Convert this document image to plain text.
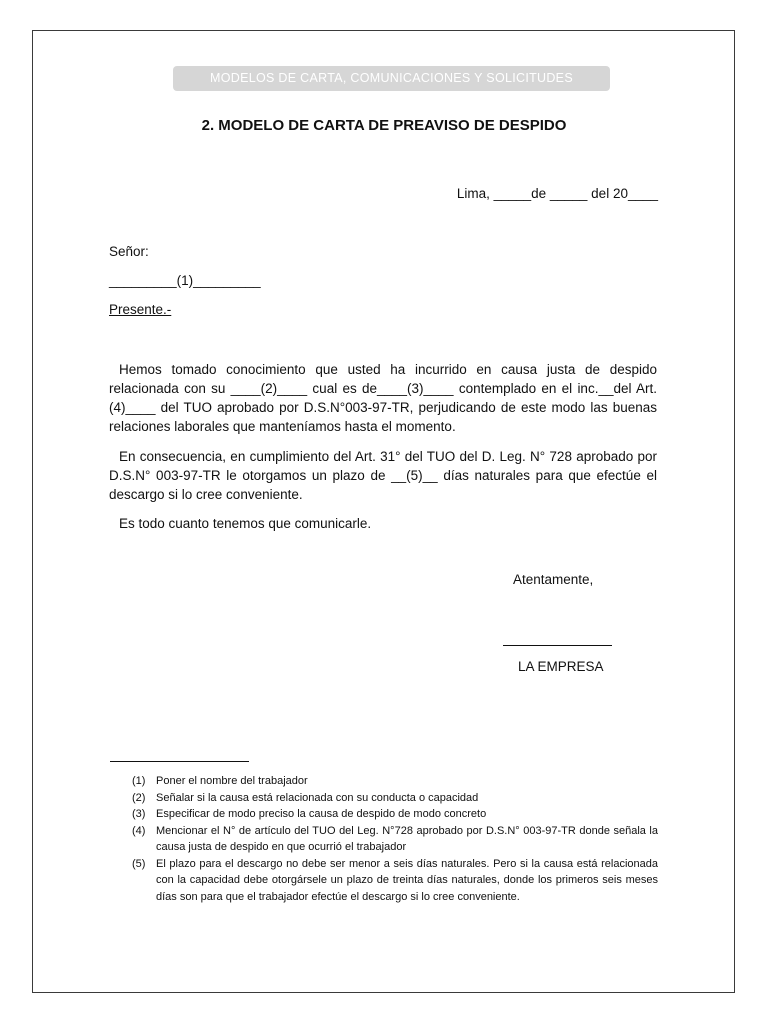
MODELOS DE CARTA, COMUNICACIONES Y SOLICITUDES
2. MODELO DE CARTA DE PREAVISO DE DESPIDO
Lima, _____de _____ del 20____
Señor:
_________(1)_________
Presente.-

Hemos tomado conocimiento que usted ha incurrido en causa justa de despido relacionada con su ____(2)____ cual es de____(3)____ contemplado en el inc.__del Art.(4)____ del TUO aprobado por D.S.N°003-97-TR, perjudicando de este modo las buenas relaciones laborales que manteníamos hasta el momento.

En consecuencia, en cumplimiento del Art. 31° del TUO del D. Leg. N° 728 aprobado por D.S.N° 003-97-TR le otorgamos un plazo de __(5)__ días naturales para que efectúe el descargo si lo cree conveniente.

Es todo cuanto tenemos que comunicarle.

Atentamente,
LA EMPRESA
(1) Poner el nombre del trabajador
(2) Señalar si la causa está relacionada con su conducta o capacidad
(3) Especificar de modo preciso la causa de despido de modo concreto
(4) Mencionar el N° de artículo del TUO del Leg. N°728 aprobado por D.S.N° 003-97-TR donde señala la causa justa de despido en que ocurrió el trabajador
(5) El plazo para el descargo no debe ser menor a seis días naturales. Pero si la causa está relacionada con la capacidad debe otorgársele un plazo de treinta días naturales, donde los primeros seis meses días son para que el trabajador efectúe el descargo si lo cree conveniente.
